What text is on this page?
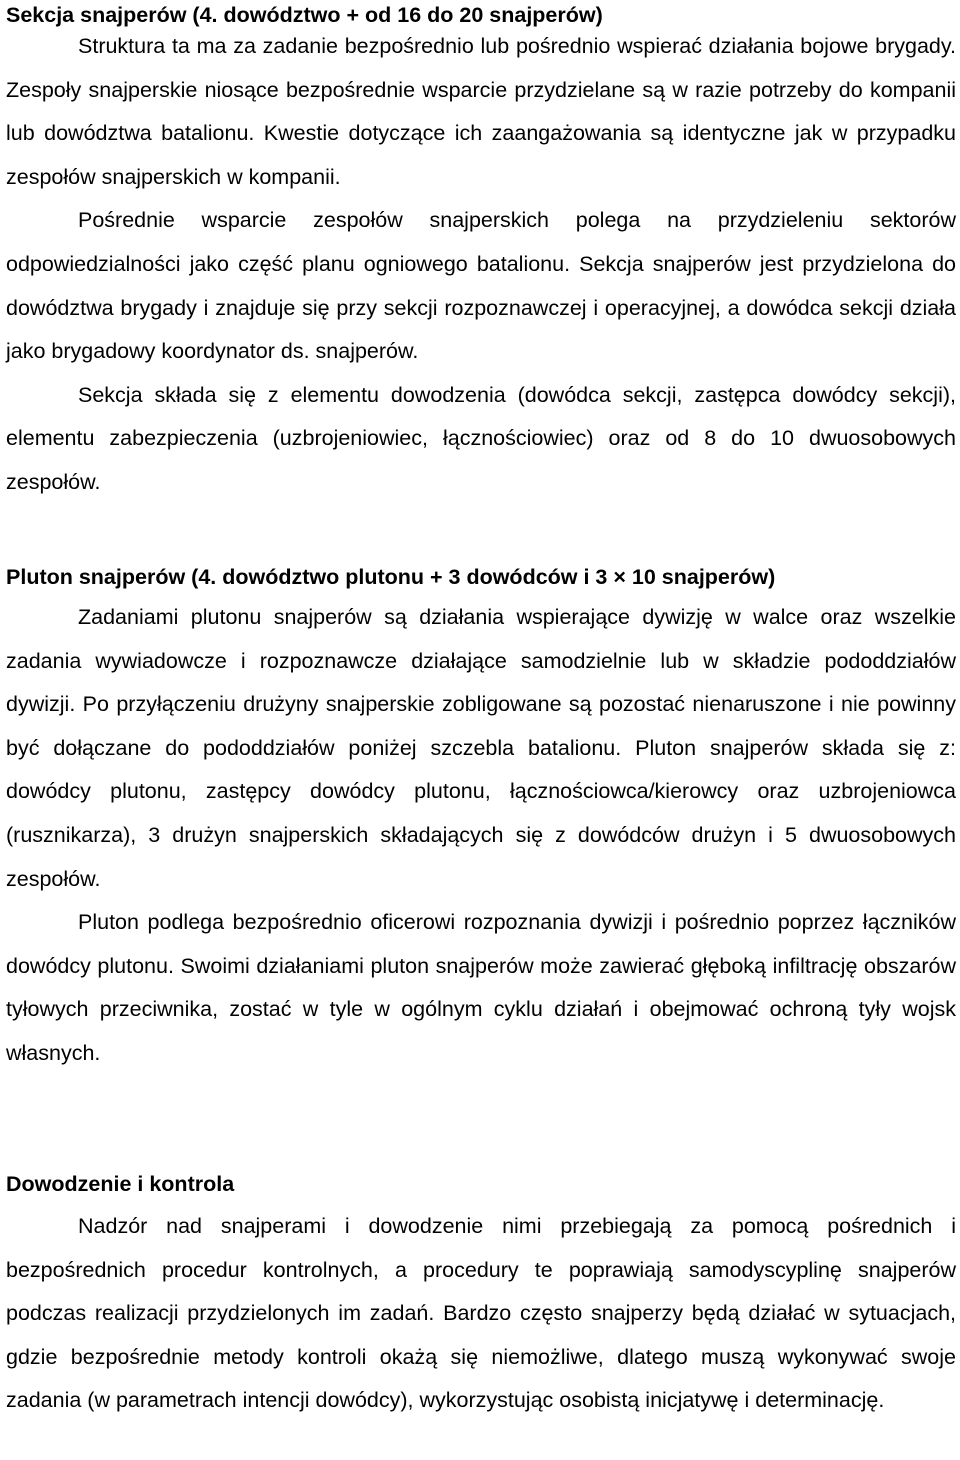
Sekcja snajperów (4. dowództwo + od 16 do 20 snajperów)

Struktura ta ma za zadanie bezpośrednio lub pośrednio wspierać działania bojowe brygady. Zespoły snajperskie niosące bezpośrednie wsparcie przydzielane są w razie potrzeby do kompanii lub dowództwa batalionu. Kwestie dotyczące ich zaangażowania są identyczne jak w przypadku zespołów snajperskich w kompanii.

Pośrednie wsparcie zespołów snajperskich polega na przydzieleniu sektorów odpowiedzialności jako część planu ogniowego batalionu. Sekcja snajperów jest przydzielona do dowództwa brygady i znajduje się przy sekcji rozpoznawczej i operacyjnej, a dowódca sekcji działa jako brygadowy koordynator ds. snajperów.

Sekcja składa się z elementu dowodzenia (dowódca sekcji, zastępca dowódcy sekcji), elementu zabezpieczenia (uzbrojeniowiec, łącznościowiec) oraz od 8 do 10 dwuosobowych zespołów.

Pluton snajperów (4. dowództwo plutonu + 3 dowódców i 3 × 10 snajperów)

Zadaniami plutonu snajperów są działania wspierające dywizję w walce oraz wszelkie zadania wywiadowcze i rozpoznawcze działające samodzielnie lub w składzie pododdziałów dywizji. Po przyłączeniu drużyny snajperskie zobligowane są pozostać nienaruszone i nie powinny być dołączane do pododdziałów poniżej szczebla batalionu. Pluton snajperów składa się z: dowódcy plutonu, zastępcy dowódcy plutonu, łącznościowca/kierowcy oraz uzbrojeniowca (rusznikarza), 3 drużyn snajperskich składających się z dowódców drużyn i 5 dwuosobowych zespołów.

Pluton podlega bezpośrednio oficerowi rozpoznania dywizji i pośrednio poprzez łączników dowódcy plutonu. Swoimi działaniami pluton snajperów może zawierać głęboką infiltrację obszarów tyłowych przeciwnika, zostać w tyle w ogólnym cyklu działań i obejmować ochroną tyły wojsk własnych.

Dowodzenie i kontrola

Nadzór nad snajperami i dowodzenie nimi przebiegają za pomocą pośrednich i bezpośrednich procedur kontrolnych, a procedury te poprawiają samodyscyplinę snajperów podczas realizacji przydzielonych im zadań. Bardzo często snajperzy będą działać w sytuacjach, gdzie bezpośrednie metody kontroli okażą się niemożliwe, dlatego muszą wykonywać swoje zadania (w parametrach intencji dowódcy), wykorzystując osobistą inicjatywę i determinację.
